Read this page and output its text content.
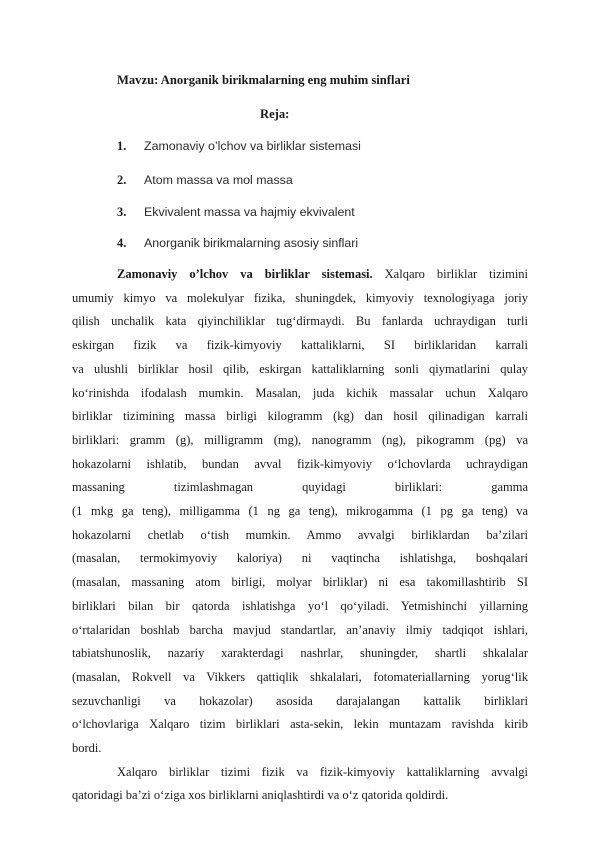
Mavzu: Anorganik birikmalarning eng muhim sinflari
Reja:
1. Zamonaviy o’lchov va birliklar sistemasi
2. Atom massa va mol massa
3. Ekvivalent massa va hajmiy ekvivalent
4. Anorganik birikmalarning asosiy sinflari
Zamonaviy o’lchov va birliklar sistemasi. Xalqaro birliklar tizimini
umumiy kimyo va molekulyar fizika, shuningdek, kimyoviy texnologiyaga joriy
qilish unchalik kata qiyinchiliklar tug‘dirmaydi. Bu fanlarda uchraydigan turli
eskirgan fizik va fizik-kimyoviy kattaliklarni, SI birliklaridan karrali
va ulushli birliklar hosil qilib, eskirgan kattaliklarning sonli qiymatlarini qulay
ko‘rinishda ifodalash mumkin. Masalan, juda kichik massalar uchun Xalqaro
birliklar tizimining massa birligi kilogramm (kg) dan hosil qilinadigan karrali
birliklari: gramm (g), milligramm (mg), nanogramm (ng), pikogramm (pg) va
hokazolarni ishlatib, bundan avval fizik-kimyoviy o‘lchovlarda uchraydigan
massaning tizimlashmagan quyidagi birliklari: gamma
(1 mkg ga teng), milligamma (1 ng ga teng), mikrogamma (1 pg ga teng) va
hokazolarni chetlab o‘tish mumkin. Ammo avvalgi birliklardan ba’zilari
(masalan, termokimyoviy kaloriya) ni vaqtincha ishlatishga, boshqalari
(masalan, massaning atom birligi, molyar birliklar) ni esa takomillashtirib SI
birliklari bilan bir qatorda ishlatishga yo‘l qo‘yiladi. Yetmishinchi yillarning
o‘rtalaridan boshlab barcha mavjud standartlar, an’anaviy ilmiy tadqiqot ishlari,
tabiatshunoslik, nazariy xarakterdagi nashrlar, shuningder, shartli shkalalar
(masalan, Rokvell va Vikkers qattiqlik shkalalari, fotomateriallarning yorug‘lik
sezuvchanligi va hokazolar) asosida darajalangan kattalik birliklari
o‘lchovlariga Xalqaro tizim birliklari asta-sekin, lekin muntazam ravishda kirib
bordi.
Xalqaro birliklar tizimi fizik va fizik-kimyoviy kattaliklarning avvalgi
qatoridagi ba’zi o‘ziga xos birliklarni aniqlashtirdi va o‘z qatorida qoldirdi.
